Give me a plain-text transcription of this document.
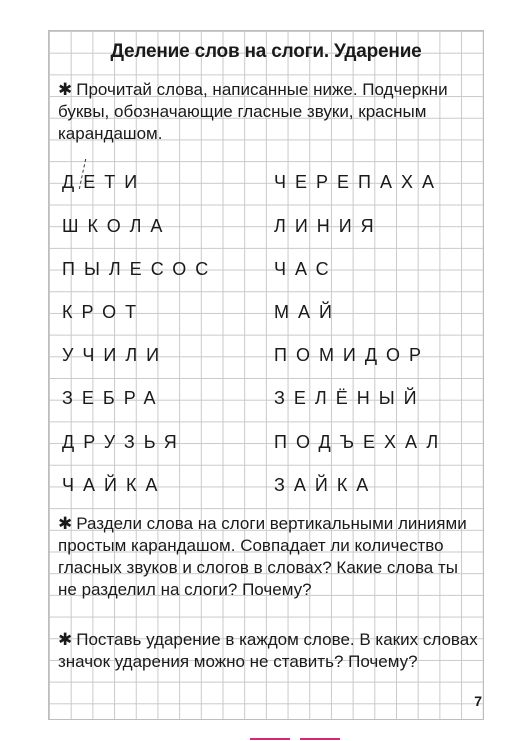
Деление слов на слоги. Ударение

✱ Прочитай слова, написанные ниже. Подчеркни буквы, обозначающие гласные звуки, красным карандашом.

ДЕТИ
ШКОЛА
ПЫЛЕСОС
КРОТ
УЧИЛИ
ЗЕБРА
ДРУЗЬЯ
ЧАЙКА
ЧЕРЕПАХА
ЛИНИЯ
ЧАС
МАЙ
ПОМИДОР
ЗЕЛЁНЫЙ
ПОДЪЕХАЛ
ЗАЙКА

✱ Раздели слова на слоги вертикальными линиями простым карандашом. Совпадает ли количество гласных звуков и слогов в словах? Какие слова ты не разделил на слоги? Почему?

✱ Поставь ударение в каждом слове. В каких словах значок ударения можно не ставить? Почему?

7
